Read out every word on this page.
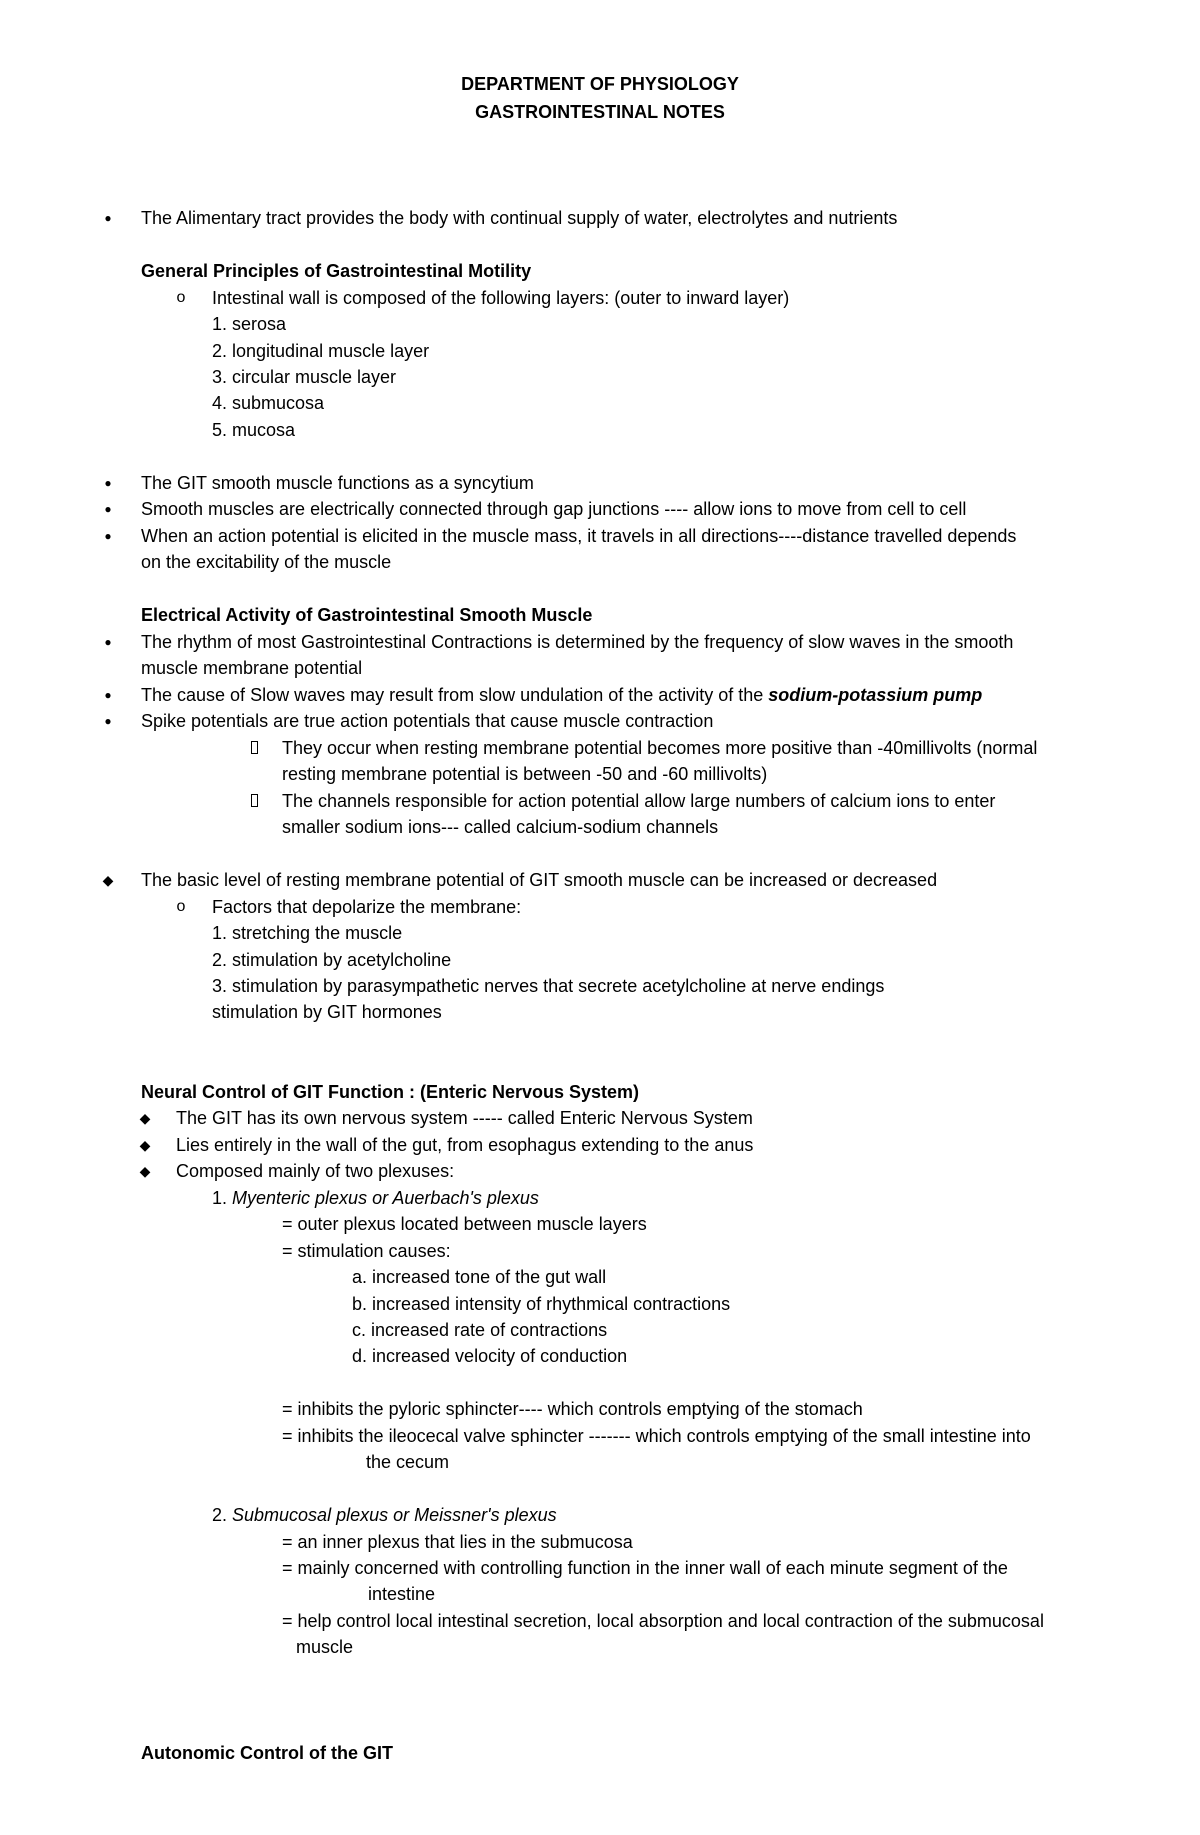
DEPARTMENT OF PHYSIOLOGY
GASTROINTESTINAL NOTES
● The Alimentary tract provides the body with continual supply of water, electrolytes and nutrients
General Principles of Gastrointestinal Motility
o Intestinal wall is composed of the following layers: (outer to inward layer)
1. serosa
2. longitudinal muscle layer
3. circular muscle layer
4. submucosa
5. mucosa
● The GIT smooth muscle functions as a syncytium
● Smooth muscles are electrically connected through gap junctions ---- allow ions to move from cell to cell
● When an action potential is elicited in the muscle mass, it travels in all directions----distance travelled depends
on the excitability of the muscle
Electrical Activity of Gastrointestinal Smooth Muscle
● The rhythm of most Gastrointestinal Contractions is determined by the frequency of slow waves in the smooth
muscle membrane potential
● The cause of Slow waves may result from slow undulation of the activity of the sodium-potassium pump
● Spike potentials are true action potentials that cause muscle contraction
They occur when resting membrane potential becomes more positive than -40millivolts (normal
resting membrane potential is between -50 and -60 millivolts)
The channels responsible for action potential allow large numbers of calcium ions to enter
smaller sodium ions--- called calcium-sodium channels
◆ The basic level of resting membrane potential of GIT smooth muscle can be increased or decreased
o Factors that depolarize the membrane:
1. stretching the muscle
2. stimulation by acetylcholine
3. stimulation by parasympathetic nerves that secrete acetylcholine at nerve endings
stimulation by GIT hormones
Neural Control of GIT Function : (Enteric Nervous System)
◆ The GIT has its own nervous system ----- called Enteric Nervous System
◆ Lies entirely in the wall of the gut, from esophagus extending to the anus
◆ Composed mainly of two plexuses:
1. Myenteric plexus or Auerbach's plexus
= outer plexus located between muscle layers
= stimulation causes:
a. increased tone of the gut wall
b. increased intensity of rhythmical contractions
c. increased rate of contractions
d. increased velocity of conduction
= inhibits the pyloric sphincter---- which controls emptying of the stomach
= inhibits the ileocecal valve sphincter ------- which controls emptying of the small intestine into
the cecum
2. Submucosal plexus or Meissner's plexus
= an inner plexus that lies in the submucosa
= mainly concerned with controlling function in the inner wall of each minute segment of the
intestine
= help control local intestinal secretion, local absorption and local contraction of the submucosal
muscle
Autonomic Control of the GIT
